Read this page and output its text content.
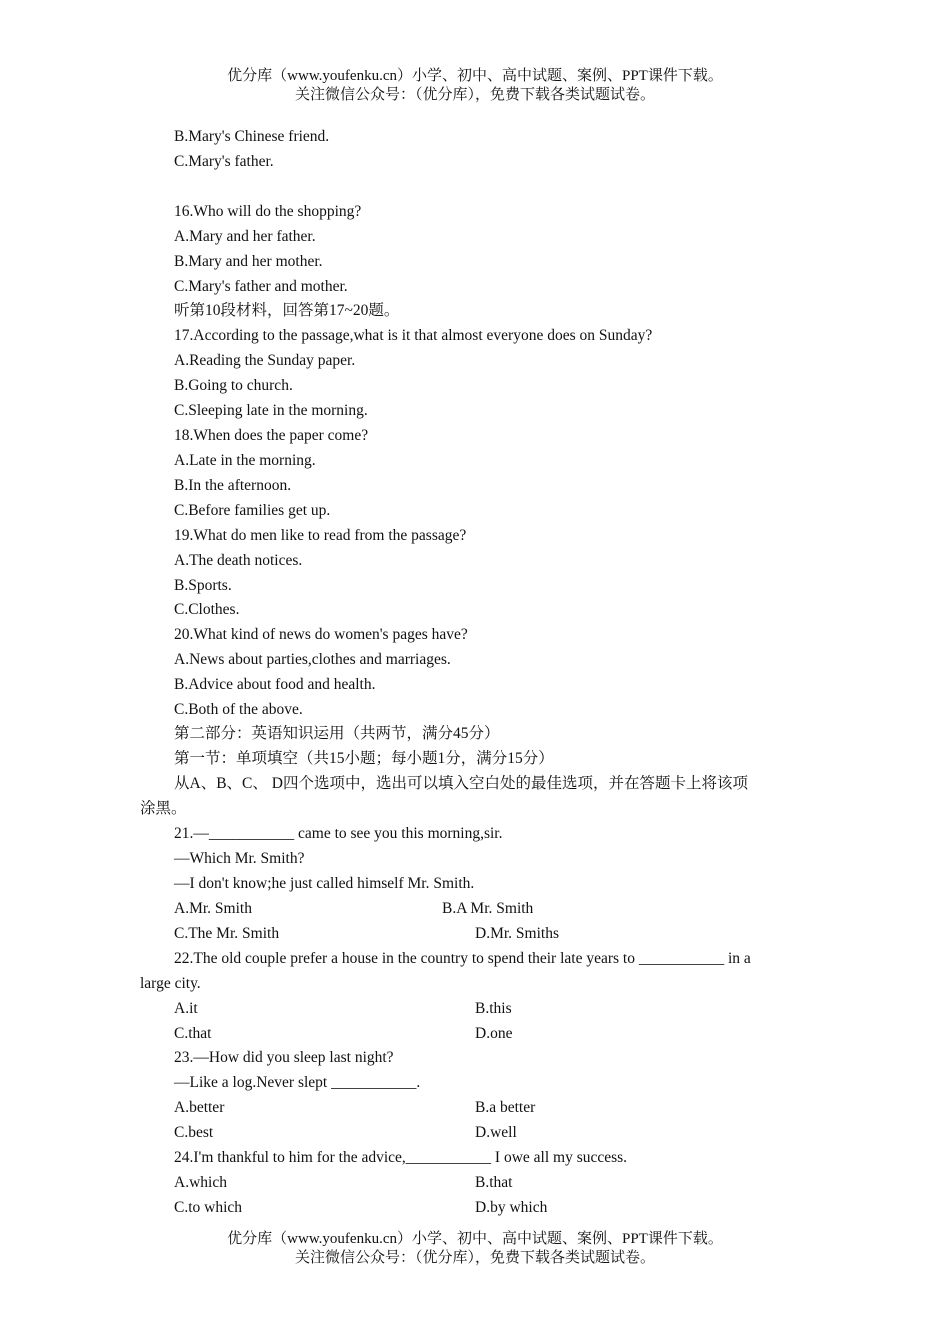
优分库（www.youfenku.cn）小学、初中、高中试题、案例、PPT课件下载。
关注微信公众号：（优分库），免费下载各类试题试卷。
B.Mary's Chinese friend.
C.Mary's father.
16.Who will do the shopping?
A.Mary and her father.
B.Mary and her mother.
C.Mary's father and mother.
听第10段材料，回答第17~20题。
17.According to the passage,what is it that almost everyone does on Sunday?
A.Reading the Sunday paper.
B.Going to church.
C.Sleeping late in the morning.
18.When does the paper come?
A.Late in the morning.
B.In the afternoon.
C.Before families get up.
19.What do men like to read from the passage?
A.The death notices.
B.Sports.
C.Clothes.
20.What kind of news do women's pages have?
A.News about parties,clothes and marriages.
B.Advice about food and health.
C.Both of the above.
第二部分：英语知识运用（共两节，满分45分）
第一节：单项填空（共15小题；每小题1分，满分15分）
从A、B、C、 D四个选项中，选出可以填入空白处的最佳选项，并在答题卡上将该项
涂黑。
21.—___________ came to see you this morning,sir.
—Which Mr. Smith?
—I don't know;he just called himself Mr. Smith.
A.Mr. Smith	B.A Mr. Smith
C.The Mr. Smith	D.Mr. Smiths
22.The old couple prefer a house in the country to spend their late years to ___________ in a
large city.
A.it	B.this
C.that	D.one
23.—How did you sleep last night?
—Like a log.Never slept ___________.
A.better	B.a better
C.best	D.well
24.I'm thankful to him for the advice,___________ I owe all my success.
A.which	B.that
C.to which	D.by which
优分库（www.youfenku.cn）小学、初中、高中试题、案例、PPT课件下载。
关注微信公众号：（优分库），免费下载各类试题试卷。
